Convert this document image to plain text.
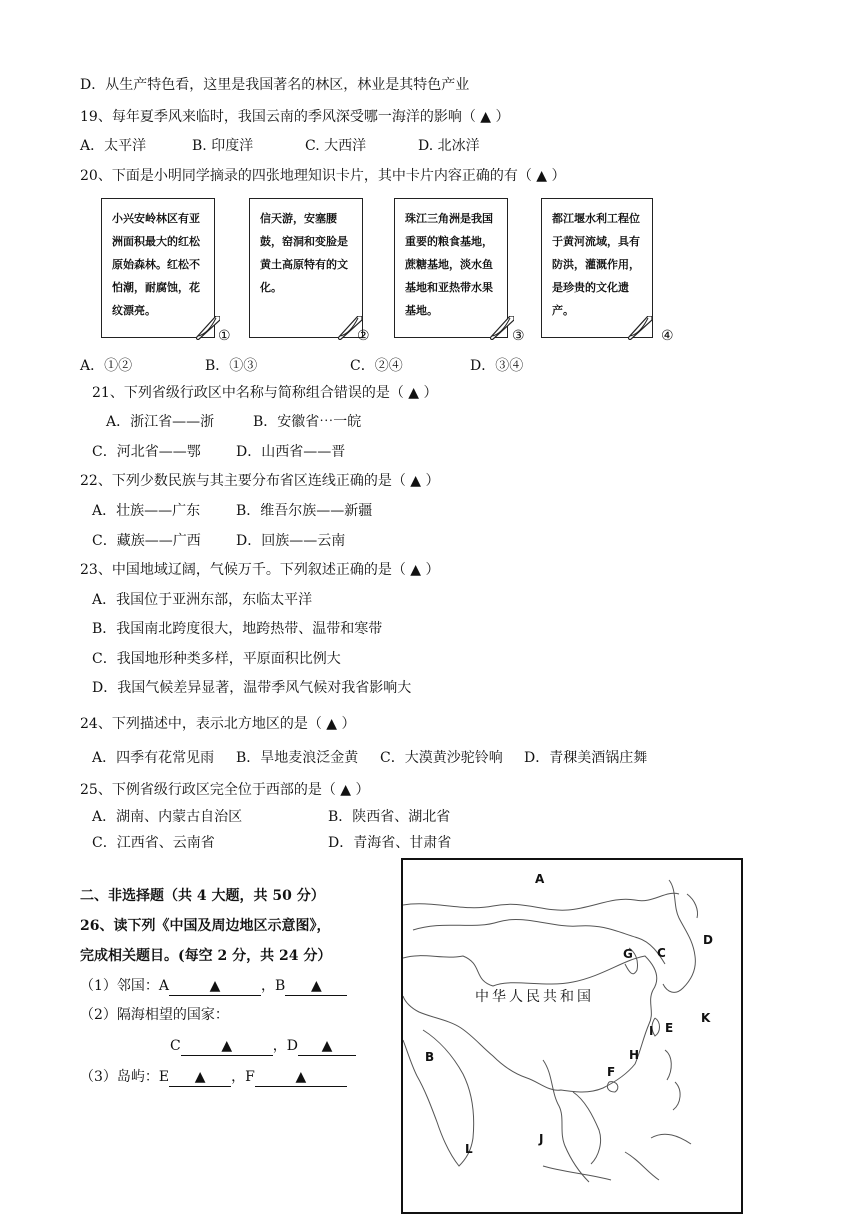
D．从生产特色看，这里是我国著名的林区，林业是其特色产业
19、每年夏季风来临时，我国云南的季风深受哪一海洋的影响（ ▲ ）
A．太平洋	B. 印度洋	C. 大西洋	D. 北冰洋
20、下面是小明同学摘录的四张地理知识卡片，其中卡片内容正确的有（ ▲ ）
小兴安岭林区有亚洲面积最大的红松原始森林。红松不怕潮，耐腐蚀，花纹漂亮。
①
信天游，安塞腰鼓，窑洞和变脸是黄土高原特有的文化。
②
珠江三角洲是我国重要的粮食基地，蔗糖基地，淡水鱼基地和亚热带水果基地。
③
都江堰水利工程位于黄河流域，具有防洪，灌溉作用，是珍贵的文化遗产。
④
A．①②	B．①③	C．②④	D．③④
21、下列省级行政区中名称与简称组合错误的是（ ▲ ）
A．浙江省——浙	B．安徽省⋯一皖
C．河北省——鄂	D．山西省——晋
22、下列少数民族与其主要分布省区连线正确的是（ ▲ ）
A．壮族——广东	B．维吾尔族——新疆
C．藏族——广西	D．回族——云南
23、中国地域辽阔，气候万千。下列叙述正确的是（ ▲ ）
A．我国位于亚洲东部，东临太平洋
B．我国南北跨度很大，地跨热带、温带和寒带
C．我国地形种类多样，平原面积比例大
D．我国气候差异显著，温带季风气候对我省影响大
24、下列描述中，表示北方地区的是（ ▲ ）
A．四季有花常见雨 B．旱地麦浪泛金黄 C．大漠黄沙驼铃响 D．青稞美酒锅庄舞
25、下例省级行政区完全位于西部的是（ ▲ ）
A．湖南、内蒙古自治区	B．陕西省、湖北省
C．江西省、云南省	D．青海省、甘肃省
二、非选择题（共 4 大题，共 50 分）
26、读下列《中国及周边地区示意图》，
完成相关题目。(每空 2 分，共 24 分）
（1）邻国：A	▲	，B ▲
（2）隔海相望的国家：
C	▲	，D ▲
（3）岛屿：E ▲ ，F	▲
A
B
C
D
E
F
G
H
I
J
K
L
中华人民共和国
